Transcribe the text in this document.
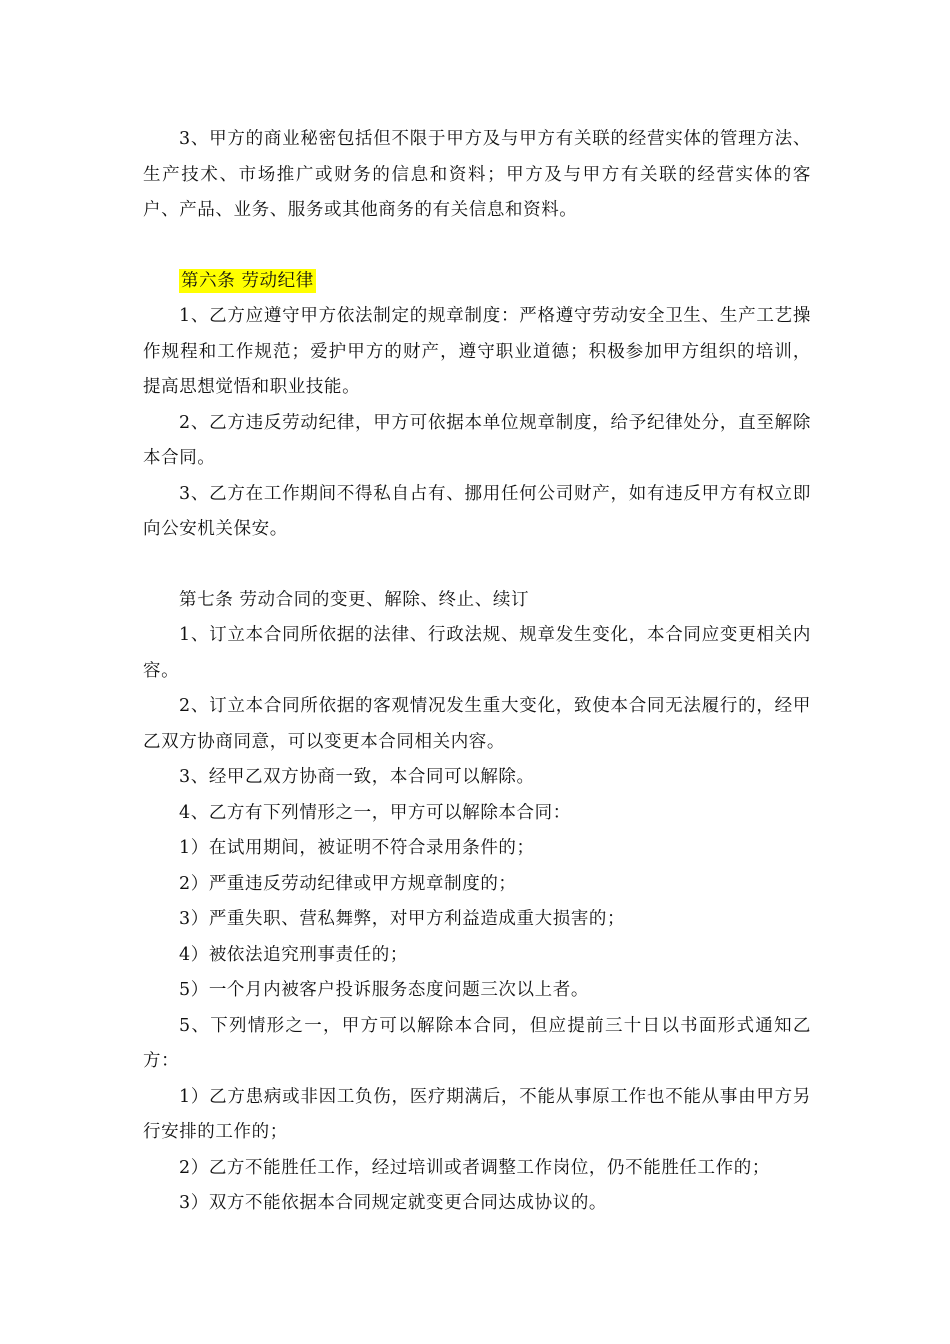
3、甲方的商业秘密包括但不限于甲方及与甲方有关联的经营实体的管理方法、生产技术、市场推广或财务的信息和资料；甲方及与甲方有关联的经营实体的客户、产品、业务、服务或其他商务的有关信息和资料。

第六条 劳动纪律

1、乙方应遵守甲方依法制定的规章制度：严格遵守劳动安全卫生、生产工艺操作规程和工作规范；爱护甲方的财产，遵守职业道德；积极参加甲方组织的培训，提高思想觉悟和职业技能。

2、乙方违反劳动纪律，甲方可依据本单位规章制度，给予纪律处分，直至解除本合同。

3、乙方在工作期间不得私自占有、挪用任何公司财产，如有违反甲方有权立即向公安机关保安。

第七条 劳动合同的变更、解除、终止、续订

1、订立本合同所依据的法律、行政法规、规章发生变化，本合同应变更相关内容。

2、订立本合同所依据的客观情况发生重大变化，致使本合同无法履行的，经甲乙双方协商同意，可以变更本合同相关内容。

3、经甲乙双方协商一致，本合同可以解除。

4、乙方有下列情形之一，甲方可以解除本合同：

1）在试用期间，被证明不符合录用条件的；

2）严重违反劳动纪律或甲方规章制度的；

3）严重失职、营私舞弊，对甲方利益造成重大损害的；

4）被依法追究刑事责任的；

5）一个月内被客户投诉服务态度问题三次以上者。

5、下列情形之一，甲方可以解除本合同，但应提前三十日以书面形式通知乙方：

1）乙方患病或非因工负伤，医疗期满后，不能从事原工作也不能从事由甲方另行安排的工作的；

2）乙方不能胜任工作，经过培训或者调整工作岗位，仍不能胜任工作的；

3）双方不能依据本合同规定就变更合同达成协议的。
